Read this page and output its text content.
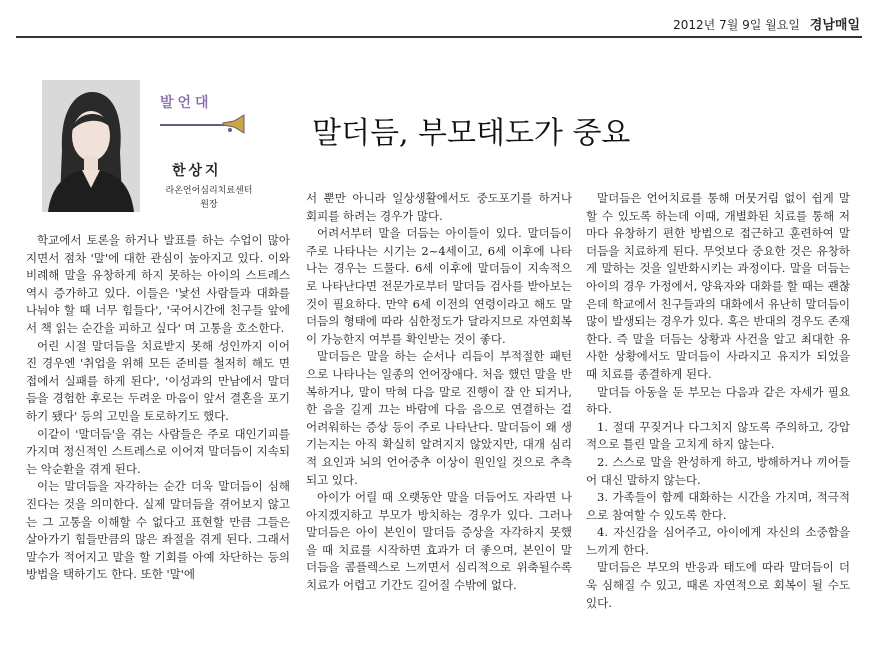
2012년 7월 9일 월요일 경남매일
발언대
한상지
라온언어심리치료센터
원장
말더듬, 부모태도가 중요

학교에서 토론을 하거나 발표를 하는 수업이 많아지면서 점차 '말'에 대한 관심이 높아지고 있다. 이와 비례해 말을 유창하게 하지 못하는 아이의 스트레스 역시 증가하고 있다. 이들은 '낯선 사람들과 대화를 나눠야 할 때 너무 힘들다', '국어시간에 친구들 앞에서 책 읽는 순간을 피하고 싶다' 며 고통을 호소한다.

어린 시절 말더듬을 치료받지 못해 성인까지 이어진 경우엔 '취업을 위해 모든 준비를 철저히 해도 면접에서 실패를 하게 된다', '이성과의 만남에서 말더듬을 경험한 후로는 두려운 마음이 앞서 결혼을 포기하기 됐다' 등의 고민을 토로하기도 했다.

이같이 '말더듬'을 겪는 사람들은 주로 대인기피를 가지며 정신적인 스트레스로 이어져 말더듬이 지속되는 악순환을 겪게 된다.

이는 말더듬을 자각하는 순간 더욱 말더듬이 심해진다는 것을 의미한다. 실제 말더듬을 겪어보지 않고는 그 고통을 이해할 수 없다고 표현할 만큼 그들은 살아가기 힘들만큼의 많은 좌절을 겪게 된다. 그래서 말수가 적어지고 말을 할 기회를 아예 차단하는 등의 방법을 택하기도 한다. 또한 '말'에

서 뿐만 아니라 일상생활에서도 중도포기를 하거나 회피를 하려는 경우가 많다.

어려서부터 말을 더듬는 아이들이 있다. 말더듬이 주로 나타나는 시기는 2~4세이고, 6세 이후에 나타나는 경우는 드물다. 6세 이후에 말더듬이 지속적으로 나타난다면 전문가로부터 말더듬 검사를 받아보는 것이 필요하다. 만약 6세 이전의 연령이라고 해도 말더듬의 형태에 따라 심한정도가 달라지므로 자연회복이 가능한지 여부를 확인받는 것이 좋다.

말더듬은 말을 하는 순서나 리듬이 부적절한 패턴으로 나타나는 일종의 언어장애다. 처음 했던 말을 반복하거나, 말이 막혀 다음 말로 진행이 잘 안 되거나, 한 음을 길게 끄는 바람에 다음 음으로 연결하는 걸 어려워하는 증상 등이 주로 나타난다. 말더듬이 왜 생기는지는 아직 확실히 알려지지 않았지만, 대개 심리적 요인과 뇌의 언어중추 이상이 원인일 것으로 추측되고 있다.

아이가 어릴 때 오랫동안 말을 더듬어도 자라면 나아지겠지하고 부모가 방치하는 경우가 있다. 그러나 말더듬은 아이 본인이 말더듬 증상을 자각하지 못했을 때 치료를 시작하면 효과가 더 좋으며, 본인이 말더듬을 콤플렉스로 느끼면서 심리적으로 위축될수록 치료가 어렵고 기간도 길어질 수밖에 없다.

말더듬은 언어치료를 통해 머뭇거림 없이 쉽게 말할 수 있도록 하는데 이때, 개별화된 치료를 통해 저마다 유창하기 편한 방법으로 접근하고 훈련하여 말더듬을 치료하게 된다. 무엇보다 중요한 것은 유창하게 말하는 것을 일반화시키는 과정이다. 말을 더듬는 아이의 경우 가정에서, 양육자와 대화를 할 때는 괜찮은데 학교에서 친구들과의 대화에서 유난히 말더듬이 많이 발생되는 경우가 있다. 혹은 반대의 경우도 존재한다. 즉 말을 더듬는 상황과 사건을 알고 최대한 유사한 상황에서도 말더듬이 사라지고 유지가 되었을 때 치료를 종결하게 된다.

말더듬 아동을 둔 부모는 다음과 같은 자세가 필요하다.

1. 절대 꾸짖거나 다그치지 않도록 주의하고, 강압적으로 틀린 말을 고치게 하지 않는다.

2. 스스로 말을 완성하게 하고, 방해하거나 끼어들어 대신 말하지 않는다.

3. 가족들이 함께 대화하는 시간을 가지며, 적극적으로 참여할 수 있도록 한다.

4. 자신감을 심어주고, 아이에게 자신의 소중함을 느끼게 한다.

말더듬은 부모의 반응과 태도에 따라 말더듬이 더욱 심해질 수 있고, 때론 자연적으로 회복이 될 수도 있다.
